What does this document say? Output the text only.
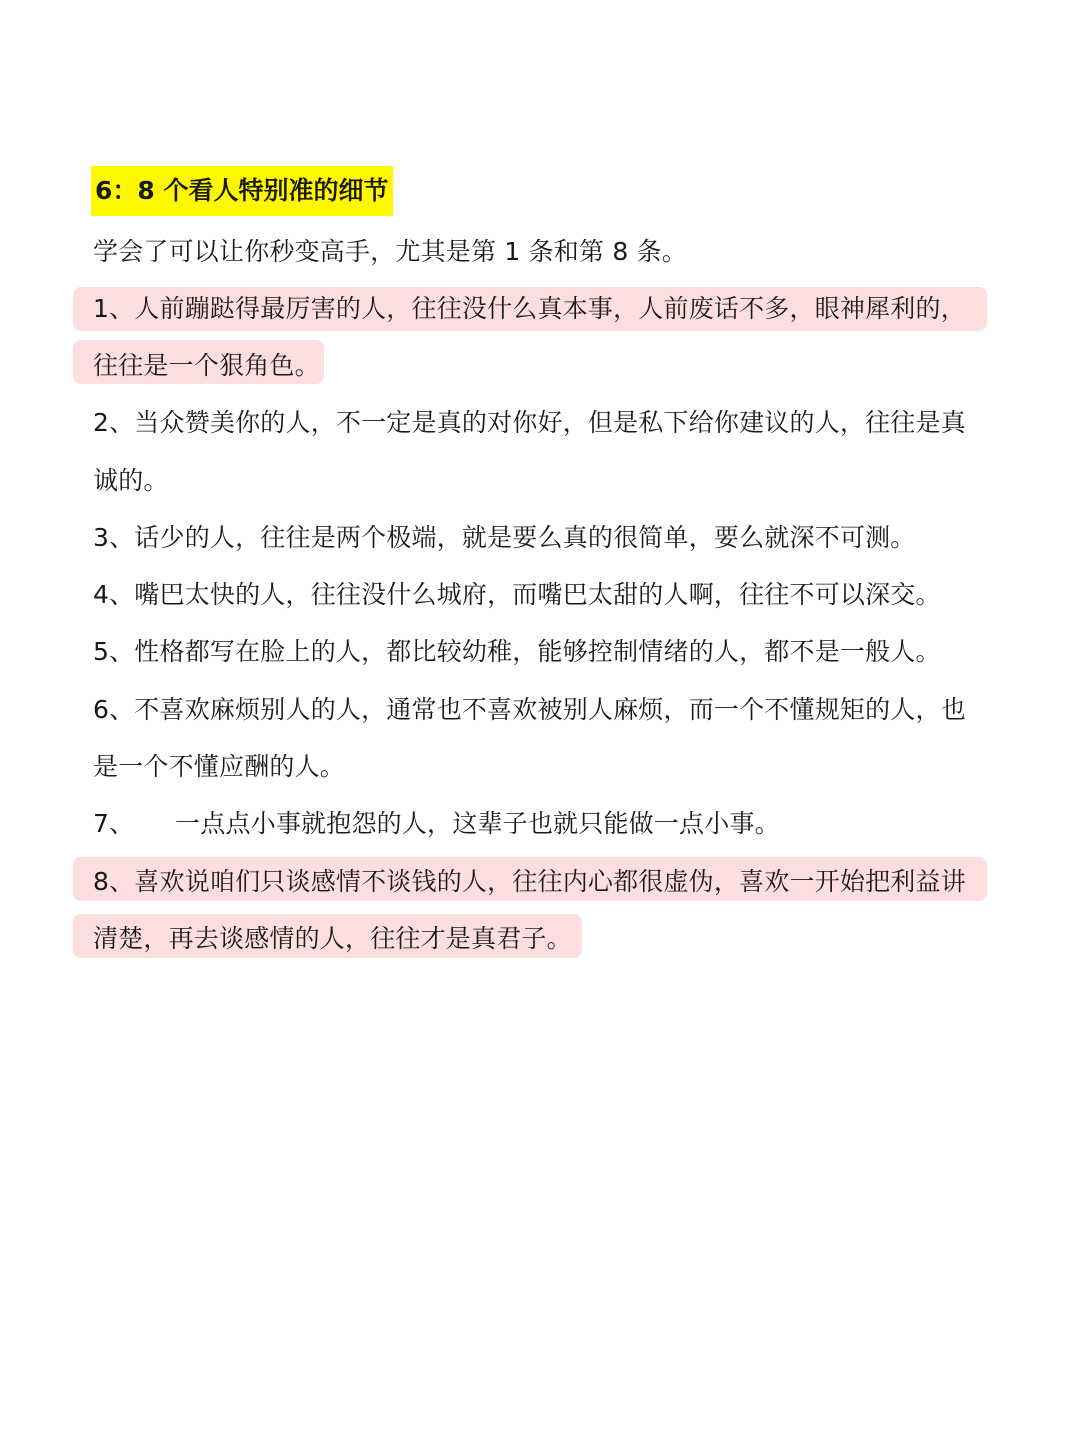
6：8 个看人特别准的细节
学会了可以让你秒变高手，尤其是第 1 条和第 8 条。
1、人前蹦跶得最厉害的人，往往没什么真本事，人前废话不多，眼神犀利的，
往往是一个狠角色。
2、当众赞美你的人，不一定是真的对你好，但是私下给你建议的人，往往是真
诚的。
3、话少的人，往往是两个极端，就是要么真的很简单，要么就深不可测。
4、嘴巴太快的人，往往没什么城府，而嘴巴太甜的人啊，往往不可以深交。
5、性格都写在脸上的人，都比较幼稚，能够控制情绪的人，都不是一般人。
6、不喜欢麻烦别人的人，通常也不喜欢被别人麻烦，而一个不懂规矩的人，也
是一个不懂应酬的人。
7、     一点点小事就抱怨的人，这辈子也就只能做一点小事。
8、喜欢说咱们只谈感情不谈钱的人，往往内心都很虚伪，喜欢一开始把利益讲
清楚，再去谈感情的人，往往才是真君子。
